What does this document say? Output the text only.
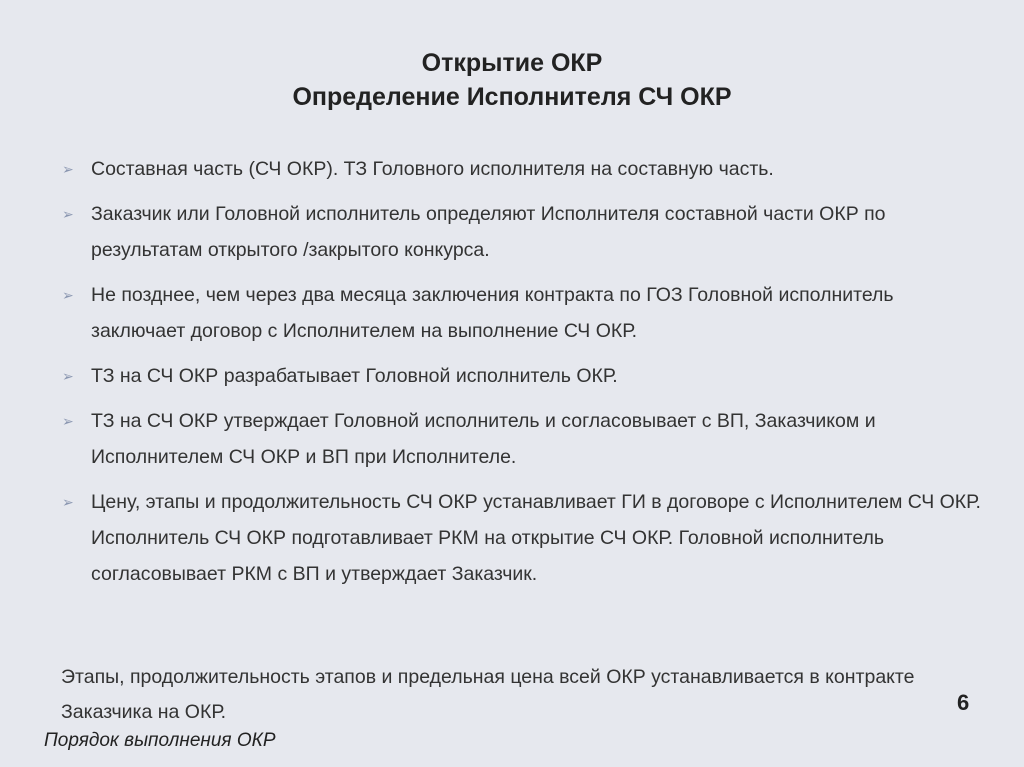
Открытие ОКР
Определение Исполнителя СЧ ОКР
➢ Составная часть (СЧ ОКР). ТЗ Головного исполнителя на составную часть.
➢ Заказчик или Головной исполнитель определяют Исполнителя составной части ОКР по результатам открытого /закрытого конкурса.
➢ Не позднее, чем через два месяца заключения контракта по ГОЗ Головной исполнитель заключает договор с Исполнителем на выполнение СЧ ОКР.
➢ ТЗ на СЧ ОКР разрабатывает Головной исполнитель ОКР.
➢ ТЗ на СЧ ОКР утверждает Головной исполнитель и согласовывает с ВП, Заказчиком и Исполнителем СЧ ОКР и ВП при Исполнителе.
➢ Цену, этапы и продолжительность СЧ ОКР устанавливает ГИ в договоре с Исполнителем СЧ ОКР. Исполнитель СЧ ОКР подготавливает РКМ на открытие СЧ ОКР. Головной исполнитель согласовывает РКМ с ВП и утверждает Заказчик.
Этапы, продолжительность этапов и предельная цена всей ОКР устанавливается в контракте Заказчика на ОКР.	6
Порядок выполнения ОКР
